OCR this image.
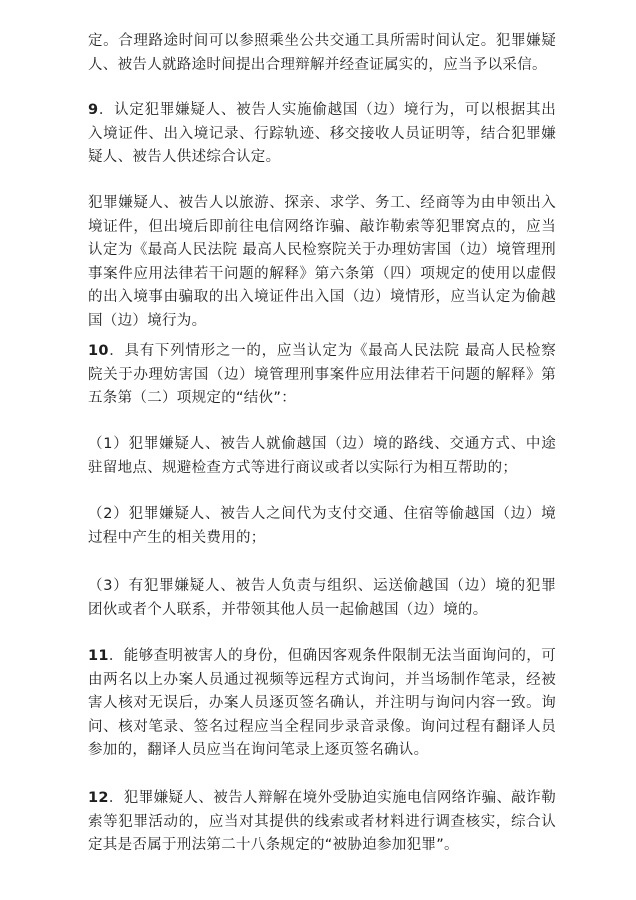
定。合理路途时间可以参照乘坐公共交通工具所需时间认定。犯罪嫌疑人、被告人就路途时间提出合理辩解并经查证属实的，应当予以采信。

9．认定犯罪嫌疑人、被告人实施偷越国（边）境行为，可以根据其出入境证件、出入境记录、行踪轨迹、移交接收人员证明等，结合犯罪嫌疑人、被告人供述综合认定。

犯罪嫌疑人、被告人以旅游、探亲、求学、务工、经商等为由申领出入境证件，但出境后即前往电信网络诈骗、敲诈勒索等犯罪窝点的，应当认定为《最高人民法院 最高人民检察院关于办理妨害国（边）境管理刑事案件应用法律若干问题的解释》第六条第（四）项规定的使用以虚假的出入境事由骗取的出入境证件出入国（边）境情形，应当认定为偷越国（边）境行为。

10．具有下列情形之一的，应当认定为《最高人民法院 最高人民检察院关于办理妨害国（边）境管理刑事案件应用法律若干问题的解释》第五条第（二）项规定的“结伙”：

（1）犯罪嫌疑人、被告人就偷越国（边）境的路线、交通方式、中途驻留地点、规避检查方式等进行商议或者以实际行为相互帮助的；

（2）犯罪嫌疑人、被告人之间代为支付交通、住宿等偷越国（边）境过程中产生的相关费用的；

（3）有犯罪嫌疑人、被告人负责与组织、运送偷越国（边）境的犯罪团伙或者个人联系，并带领其他人员一起偷越国（边）境的。

11．能够查明被害人的身份，但确因客观条件限制无法当面询问的，可由两名以上办案人员通过视频等远程方式询问，并当场制作笔录，经被害人核对无误后，办案人员逐页签名确认，并注明与询问内容一致。询问、核对笔录、签名过程应当全程同步录音录像。询问过程有翻译人员参加的，翻译人员应当在询问笔录上逐页签名确认。

12．犯罪嫌疑人、被告人辩解在境外受胁迫实施电信网络诈骗、敲诈勒索等犯罪活动的，应当对其提供的线索或者材料进行调查核实，综合认定其是否属于刑法第二十八条规定的“被胁迫参加犯罪”。
